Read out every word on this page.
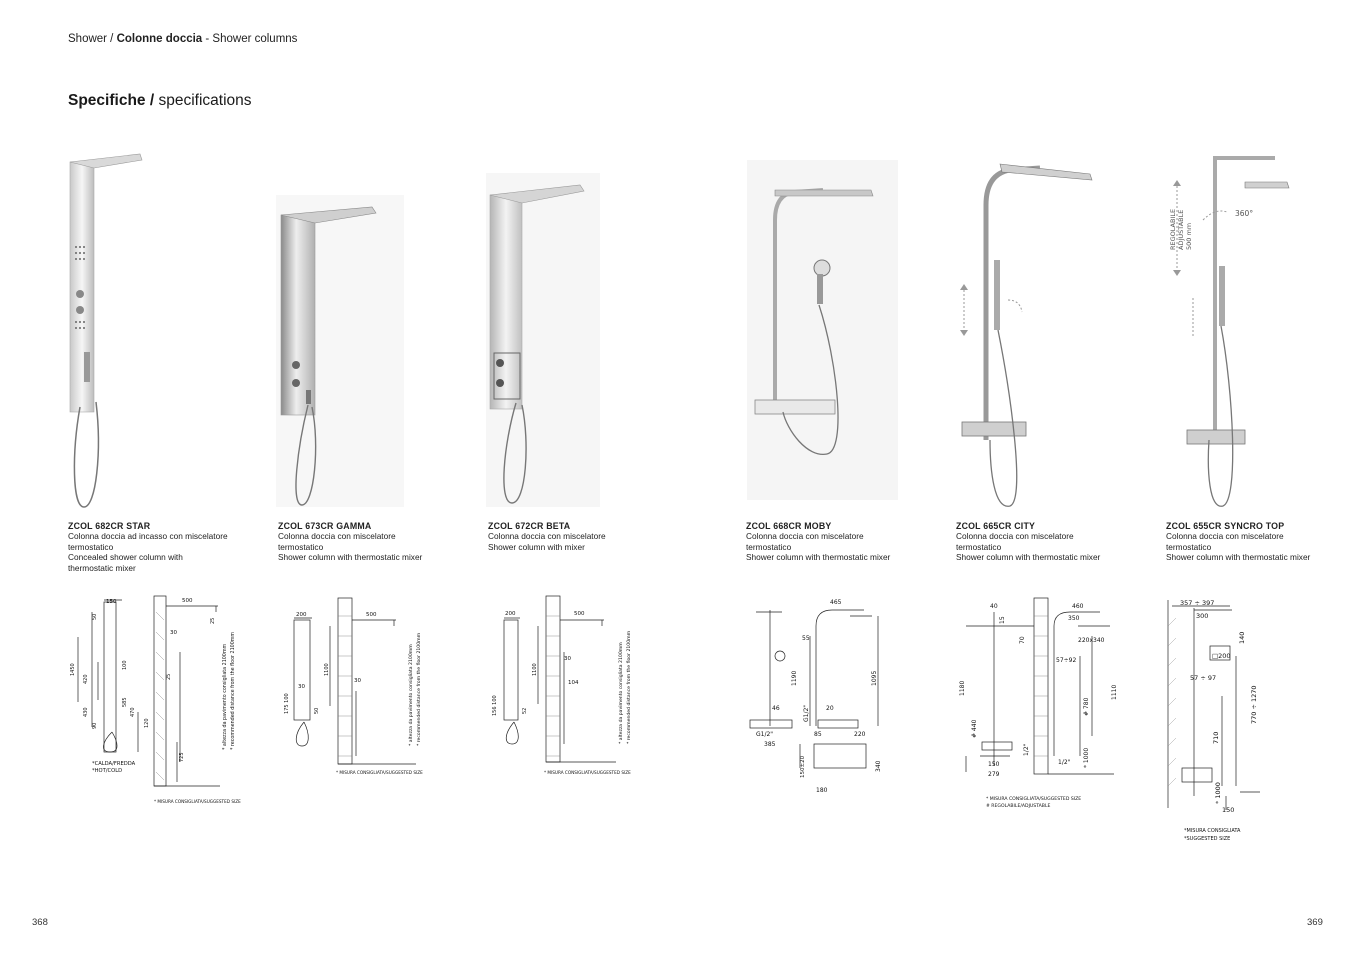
Shower / Colonne doccia - Shower columns
Specifiche / specifications
360°
REGOLABILE ADJUSTABLE 500 mm
ZCOL 682CR STAR
Colonna doccia ad incasso con miscelatore
termostatico
Concealed shower column with
thermostatic mixer
ZCOL 673CR GAMMA
Colonna doccia con miscelatore
termostatico
Shower column with thermostatic mixer
ZCOL 672CR BETA
Colonna doccia con miscelatore
Shower column with mixer
ZCOL 668CR MOBY
Colonna doccia con miscelatore
termostatico
Shower column with thermostatic mixer
ZCOL 665CR CITY
Colonna doccia con miscelatore
termostatico
Shower column with thermostatic mixer
ZCOL 655CR SYNCRO TOP
Colonna doccia con miscelatore
termostatico
Shower column with thermostatic mixer
150	500
30
50
25
1450
420
100
25
430
585
470
90	120
725
* altezza da pavimento consigliata 2100mm * recommended distance from the floor 2100mm
*CALDA/FREDDA
*HOT/COLD
* MISURA CONSIGLIATA/SUGGESTED SIZE
200	500
1100
30
30
175 100	50	* altezza da pavimento consigliata 2100mm * recommended distance from the floor 2100mm
* MISURA CONSIGLIATA/SUGGESTED SIZE
200	500
1100
30
104
156 100	52	* altezza da pavimento consigliata 2100mm * recommended distance from the floor 2100mm
* MISURA CONSIGLIATA/SUGGESTED SIZE
465
55
1190	1095
46
G1/2"
G1/2"	20
385
85	220
150±20	340
180
40
15
460
350
220x340
70
57÷92
1180
# 780
1110
# 440
150
1/2"
1/2" * 1000
279
* MISURA CONSIGLIATA/SUGGESTED SIZE
# REGOLABILE/ADJUSTABLE
357 ÷ 397
300
140
□200
57 ÷ 97
770 ÷ 1270
710
* 1000
150
*MISURA CONSIGLIATA
*SUGGESTED SIZE
368	369
